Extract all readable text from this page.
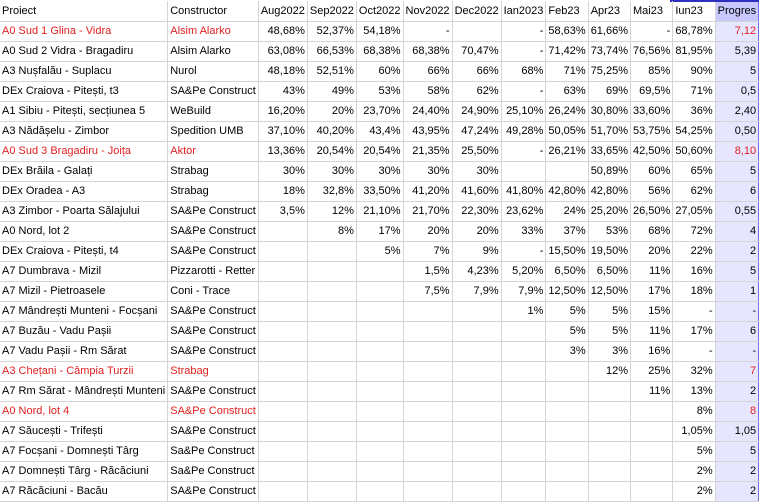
Proiect	Constructor	Aug2022	Sep2022	Oct2022	Nov2022	Dec2022	Ian2023	Feb23	Apr23	Mai23	Iun23	Progres
A0 Sud 1 Glina - Vidra	Alsim Alarko	48,68%	52,37%	54,18%	-		-	58,63%	61,66%	-	68,78%	7,12
A0 Sud 2 Vidra - Bragadiru	Alsim Alarko	63,08%	66,53%	68,38%	68,38%	70,47%	-	71,42%	73,74%	76,56%	81,95%	5,39
A3 Nușfalău - Suplacu	Nurol	48,18%	52,51%	60%	66%	66%	68%	71%	75,25%	85%	90%	5
DEx Craiova - Pitești, t3	SA&Pe Construct	43%	49%	53%	58%	62%	-	63%	69%	69,5%	71%	0,5
A1 Sibiu - Pitești, secțiunea 5	WeBuild	16,20%	20%	23,70%	24,40%	24,90%	25,10%	26,24%	30,80%	33,60%	36%	2,40
A3 Nădășelu - Zimbor	Spedition UMB	37,10%	40,20%	43,4%	43,95%	47,24%	49,28%	50,05%	51,70%	53,75%	54,25%	0,50
A0 Sud 3 Bragadiru - Joița	Aktor	13,36%	20,54%	20,54%	21,35%	25,50%	-	26,21%	33,65%	42,50%	50,60%	8,10
DEx Brăila - Galați	Strabag	30%	30%	30%	30%	30%			50,89%	60%	65%	5
DEx Oradea - A3	Strabag	18%	32,8%	33,50%	41,20%	41,60%	41,80%	42,80%	42,80%	56%	62%	6
A3 Zimbor - Poarta Sălajului	SA&Pe Construct	3,5%	12%	21,10%	21,70%	22,30%	23,62%	24%	25,20%	26,50%	27,05%	0,55
A0 Nord, lot 2	SA&Pe Construct		8%	17%	20%	20%	33%	37%	53%	68%	72%	4
DEx Craiova - Pitești, t4	SA&Pe Construct			5%	7%	9%	-	15,50%	19,50%	20%	22%	2
A7 Dumbrava - Mizil	Pizzarotti - Retter				1,5%	4,23%	5,20%	6,50%	6,50%	11%	16%	5
A7 Mizil - Pietroasele	Coni - Trace				7,5%	7,9%	7,9%	12,50%	12,50%	17%	18%	1
A7 Mândrești Munteni - Focșani	SA&Pe Construct						1%	5%	5%	15%	-	-
A7 Buzău - Vadu Pașii	SA&Pe Construct							5%	5%	11%	17%	6
A7 Vadu Pașii - Rm Sărat	SA&Pe Construct							3%	3%	16%	-	-
A3 Chețani - Câmpia Turzii	Strabag								12%	25%	32%	7
A7 Rm Sărat - Mândrești Munteni	SA&Pe Construct									11%	13%	2
A0 Nord, lot 4	SA&Pe Construct										8%	8
A7 Săucești - Trifești	SA&Pe Construct										1,05%	1,05
A7 Focșani - Domnești Târg	Sa&Pe Construct										5%	5
A7 Domnești Târg - Răcăciuni	Sa&Pe Construct										2%	2
A7 Răcăciuni - Bacău	SA&Pe Construct										2%	2
